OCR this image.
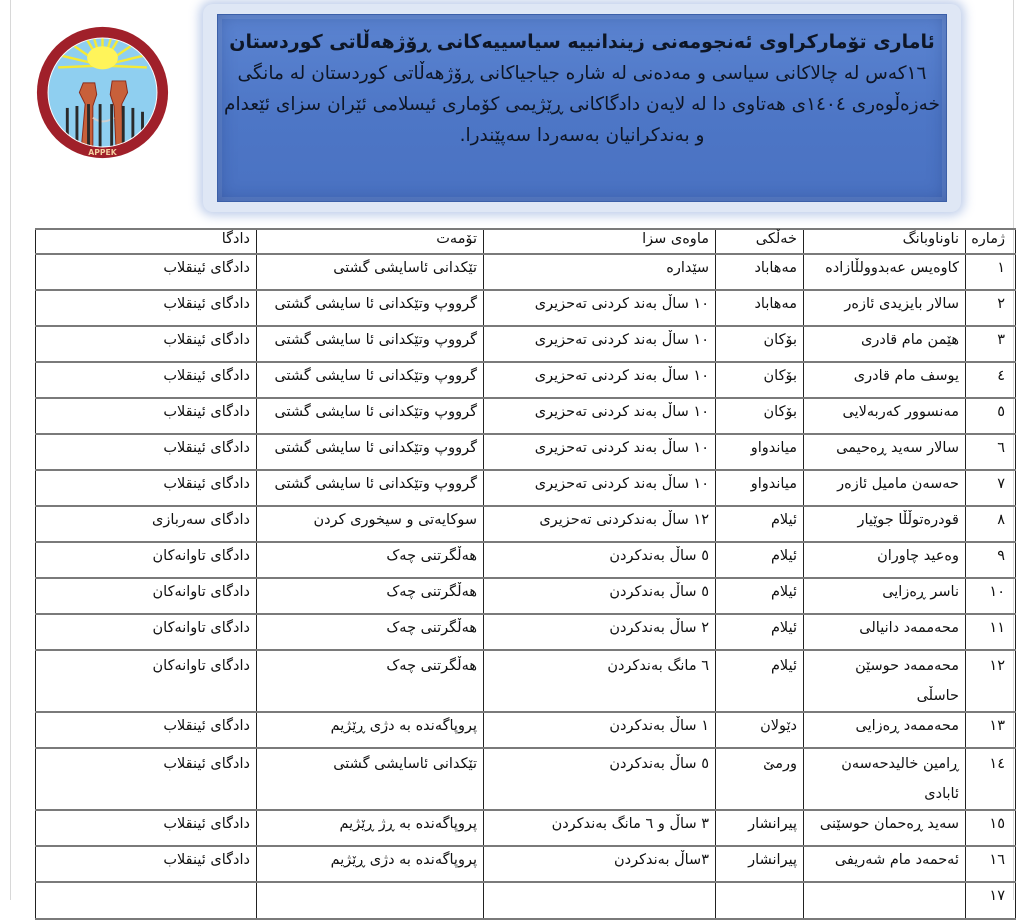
APPEK
ئاماری تۆمارکراوی ئەنجومەنی زیندانییە سیاسییەکانی ڕۆژهەڵاتی کوردستان
١٦کەس لە چالاکانی سیاسی و مەدەنی لە شارە جیاجیاکانی ڕۆژهەڵاتی کوردستان لە مانگی خەزەڵوەری ١٤٠٤ی هەتاوی دا لە لایەن دادگاکانی ڕێژیمی کۆماری ئیسلامی ئێران سزای ئێعدام و بەندکرانیان بەسەردا سەپێندرا.
ژمارە	ناوناوبانگ	خەڵکی	ماوەی سزا	تۆمەت	دادگا
١	کاوەیس عەبدوولڵازادە	مەهاباد	سێدارە	تێکدانی ئاسایشی گشتی	دادگای ئینقلاب
٢	سالار بایزیدی ئازەر	مەهاباد	١٠ ساڵ بەند کردنی تەحزیری	گرووپ وتێکدانی ئا سایشی گشتی	دادگای ئینقلاب
٣	هێمن مام قادری	بۆکان	١٠ ساڵ بەند کردنی تەحزیری	گرووپ وتێکدانی ئا سایشی گشتی	دادگای ئینقلاب
٤	یوسف مام قادری	بۆکان	١٠ ساڵ بەند کردنی تەحزیری	گرووپ وتێکدانی ئا سایشی گشتی	دادگای ئینقلاب
٥	مەنسوور کەربەلایی	بۆکان	١٠ ساڵ بەند کردنی تەحزیری	گرووپ وتێکدانی ئا سایشی گشتی	دادگای ئینقلاب
٦	سالار سەید ڕەحیمی	میاندواو	١٠ ساڵ بەند کردنی تەحزیری	گرووپ وتێکدانی ئا سایشی گشتی	دادگای ئینقلاب
٧	حەسەن مامیل ئازەر	میاندواو	١٠ ساڵ بەند کردنی تەحزیری	گرووپ وتێکدانی ئا سایشی گشتی	دادگای ئینقلاب
٨	قودرەتوڵڵا جوێیار	ئیلام	١٢ ساڵ بەندکردنی تەحزیری	سوکایەتی و سیخوری کردن	دادگای سەربازی
٩	وەعید چاوران	ئیلام	٥ ساڵ بەندکردن	هەڵگرتنی چەک	دادگای تاوانەکان
١٠	ناسر ڕەزایی	ئیلام	٥ ساڵ بەندکردن	هەڵگرتنی چەک	دادگای تاوانەکان
١١	محەممەد دانیالی	ئیلام	٢ ساڵ بەندکردن	هەڵگرتنی چەک	دادگای تاوانەکان
١٢	محەممەد حوسێن حاسڵی	ئیلام	٦ مانگ بەندکردن	هەڵگرتنی چەک	دادگای تاوانەکان
١٣	محەممەد ڕەزایی	دێولان	١ ساڵ بەندکردن	پروپاگەندە بە دژی ڕێژیم	دادگای ئینقلاب
١٤	ڕامین خالیدحەسەن ئابادی	ورمێ	٥ ساڵ بەندکردن	تێکدانی ئاسایشی گشتی	دادگای ئینقلاب
١٥	سەید ڕەحمان حوسێنی	پیرانشار	٣ ساڵ و ٦ مانگ بەندکردن	پروپاگەندە بە ڕژ ڕێژیم	دادگای ئینقلاب
١٦	ئەحمەد مام شەریفی	پیرانشار	٣ساڵ بەندکردن	پروپاگەندە بە دژی ڕێژیم	دادگای ئینقلاب
١٧					
